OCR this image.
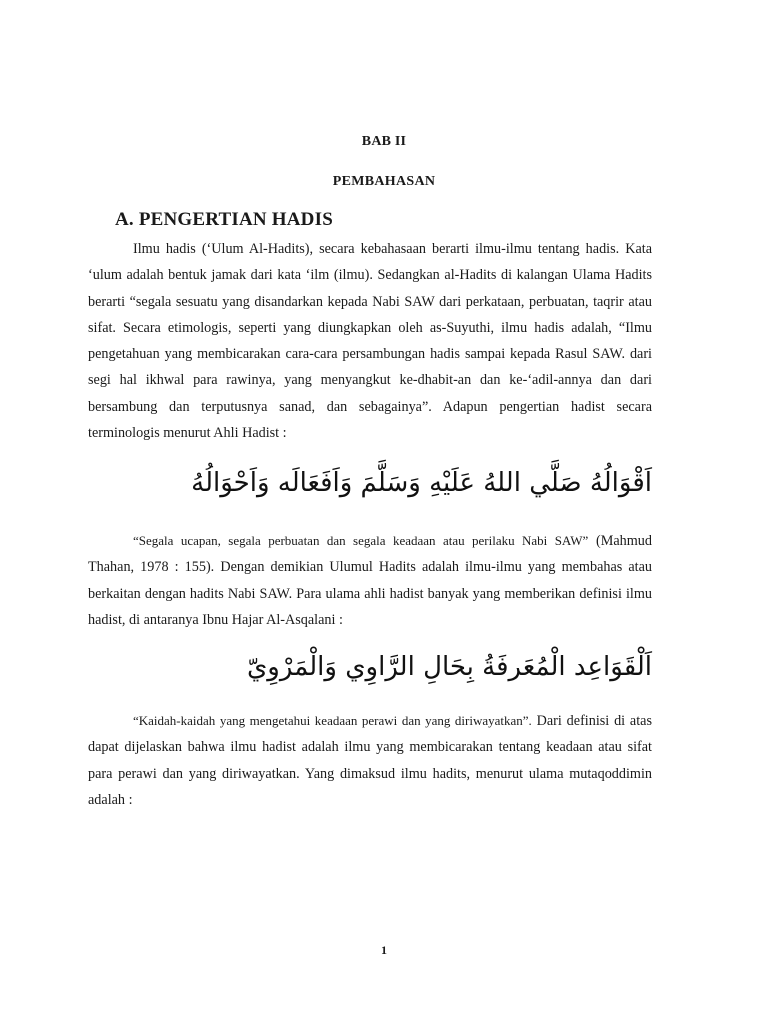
BAB II
PEMBAHASAN
A. PENGERTIAN HADIS

Ilmu hadis (‘Ulum Al-Hadits), secara kebahasaan berarti ilmu-ilmu tentang hadis. Kata ‘ulum adalah bentuk jamak dari kata ‘ilm (ilmu). Sedangkan al-Hadits di kalangan Ulama Hadits berarti “segala sesuatu yang disandarkan kepada Nabi SAW dari perkataan, perbuatan, taqrir atau sifat. Secara etimologis, seperti yang diungkapkan oleh as-Suyuthi, ilmu hadis adalah, “Ilmu pengetahuan yang membicarakan cara-cara persambungan hadis sampai kepada Rasul SAW. dari segi hal ikhwal para rawinya, yang menyangkut ke-dhabit-an dan ke-‘adil-annya dan dari bersambung dan terputusnya sanad, dan sebagainya”. Adapun pengertian hadist secara terminologis menurut Ahli Hadist :

اَقْوَالُهُ صَلَّي اللهُ عَلَيْهِ وَسَلَّمَ وَاَفَعَالَه وَاَحْوَالُهُ

“Segala ucapan, segala perbuatan dan segala keadaan atau perilaku Nabi SAW” (Mahmud Thahan, 1978 : 155). Dengan demikian Ulumul Hadits adalah ilmu-ilmu yang membahas atau berkaitan dengan hadits Nabi SAW. Para ulama ahli hadist banyak yang memberikan definisi ilmu hadist, di antaranya Ibnu Hajar Al-Asqalani :

اَلْقَوَاعِد الْمُعَرفَةُ بِحَالِ الرَّاوِي وَالْمَرْوِيّ

“Kaidah-kaidah yang mengetahui keadaan perawi dan yang diriwayatkan”. Dari definisi di atas dapat dijelaskan bahwa ilmu hadist adalah ilmu yang membicarakan tentang keadaan atau sifat para perawi dan yang diriwayatkan. Yang dimaksud ilmu hadits, menurut ulama mutaqoddimin adalah :

1
